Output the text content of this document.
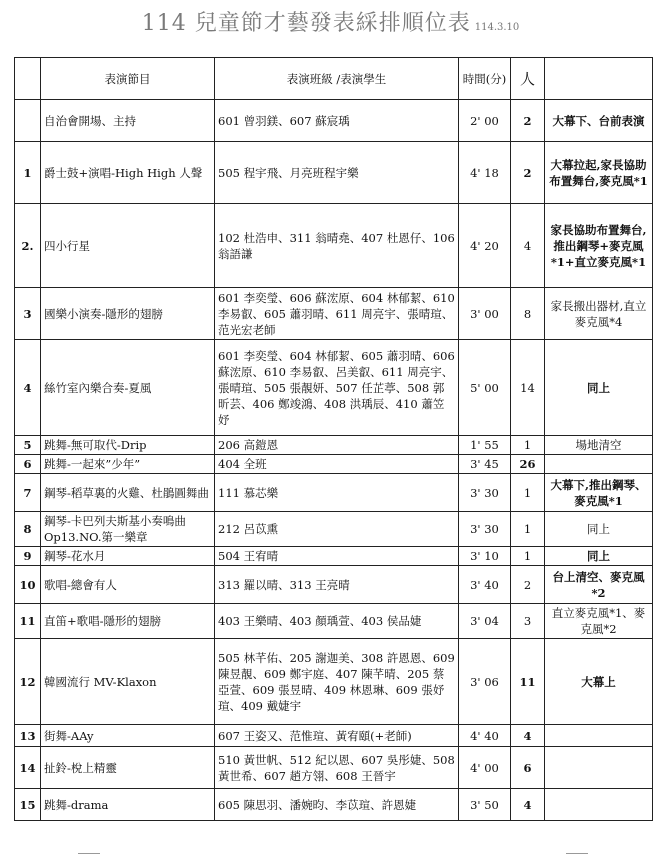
114 兒童節才藝發表綵排順位表 114.3.10
	表演節目	表演班級 /表演學生	時間(分)	人	
	自治會開場、主持	601 曾羽鎂、607 蘇宸瑀	2' 00	2	大幕下、台前表演
1	爵士鼓+演唱-High High 人聲	505 程宇飛、月亮班程宇樂	4' 18	2	大幕拉起,家長協助布置舞台,麥克風*1
2.	四小行星	102 杜浩申、311 翁晴堯、407 杜恩仔、106 翁語謙	4' 20	4	家長協助布置舞台,推出鋼琴+麥克風*1+直立麥克風*1
3	國樂小演奏-隱形的翅膀	601 李奕瑩、606 蘇浤原、604 林郁絜、610 李易叡、605 蕭羽晴、611 周亮宇、張晴瑄、范光宏老師	3' 00	8	家長搬出器材,直立麥克風*4
4	絲竹室內樂合奏-夏風	601 李奕瑩、604 林郁絜、605 蕭羽晴、606 蘇浤原、610 李易叡、呂美叡、611 周亮宇、張晴瑄、505 張靚妍、507 任芷葶、508 郭昕芸、406 鄭竣鴻、408 洪瑀辰、410 蕭笠妤	5' 00	14	同上
5	跳舞-無可取代-Drip	206 高鎧恩	1' 55	1	場地清空
6	跳舞-一起來”少年”	404 全班	3' 45	26	
7	鋼琴-稻草裏的火雞、杜鵑圓舞曲	111 慕芯樂	3' 30	1	大幕下,推出鋼琴、麥克風*1
8	鋼琴-卡巴列夫斯基小奏鳴曲 Op13.NO.第一樂章	212 呂苡熏	3' 30	1	同上
9	鋼琴-花水月	504 王宥晴	3' 10	1	同上
10	歌唱-總會有人	313 羅以晴、313 王亮晴	3' 40	2	台上清空、麥克風*2
11	直笛+歌唱-隱形的翅膀	403 王樂晴、403 顏瑀萱、403 侯品婕	3' 04	3	直立麥克風*1、麥克風*2
12	韓國流行 MV-Klaxon	505 林芊佑、205 謝迦美、308 許恩恩、609 陳昱靚、609 鄭宇庭、407 陳芊晴、205 蔡亞萱、609 張昱晴、409 林恩琳、609 張妤瑄、409 戴婕宇	3' 06	11	大幕上
13	街舞-AAy	607 王姿又、范惟瑄、黃宥頤(+老師)	4' 40	4	
14	扯鈴-梲上精靈	510 黃世帆、512 紀以恩、607 吳彤婕、508 黃世希、607 趙方翎、608 王晉宇	4' 00	6	
15	跳舞-drama	605 陳思羽、潘婉昀、李苡瑄、許恩婕	3' 50	4	
